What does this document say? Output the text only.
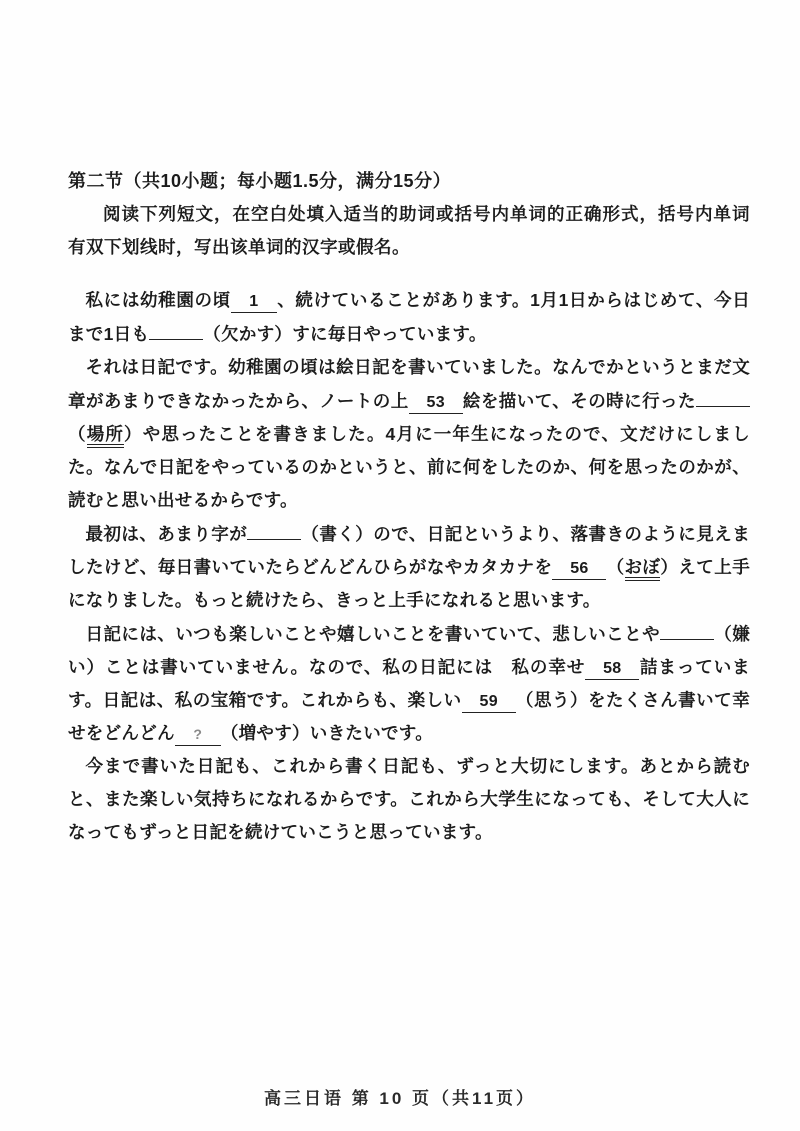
第二节（共10小题；每小题1.5分，满分15分）

阅读下列短文，在空白处填入适当的助词或括号内单词的正确形式，括号内单词有双下划线时，写出该单词的汉字或假名。

私には幼稚園の頃 1 、続けていることがあります。1月1日からはじめて、今日まで1日も	（欠かす）すに毎日やっています。

それは日記です。幼稚園の頃は絵日記を書いていました。なんでかというとまだ文章があまりできなかったから、ノートの上 53 絵を描いて、その時に行った（場所）や思ったことを書きました。4月に一年生になったので、文だけにしました。なんで日記をやっているのかというと、前に何をしたのか、何を思ったのかが、読むと思い出せるからです。

最初は、あまり字が	（書く）ので、日記というより、落書きのように見えましたけど、毎日書いていたらどんどんひらがなやカタカナを 56 （おぼ）えて上手になりました。もっと続けたら、きっと上手になれると思います。

日記には、いつも楽しいことや嬉しいことを書いていて、悲しいことや	（嫌い）ことは書いていません。なので、私の日記には　私の幸せ 58 詰まっています。日記は、私の宝箱です。これからも、楽しい 59 （思う）をたくさん書いて幸せをどんどん ? （増やす）いきたいです。

今まで書いた日記も、これから書く日記も、ずっと大切にします。あとから読むと、また楽しい気持ちになれるからです。これから大学生になっても、そして大人になってもずっと日記を続けていこうと思っています。

高三日语 第 10 页（共11页）
